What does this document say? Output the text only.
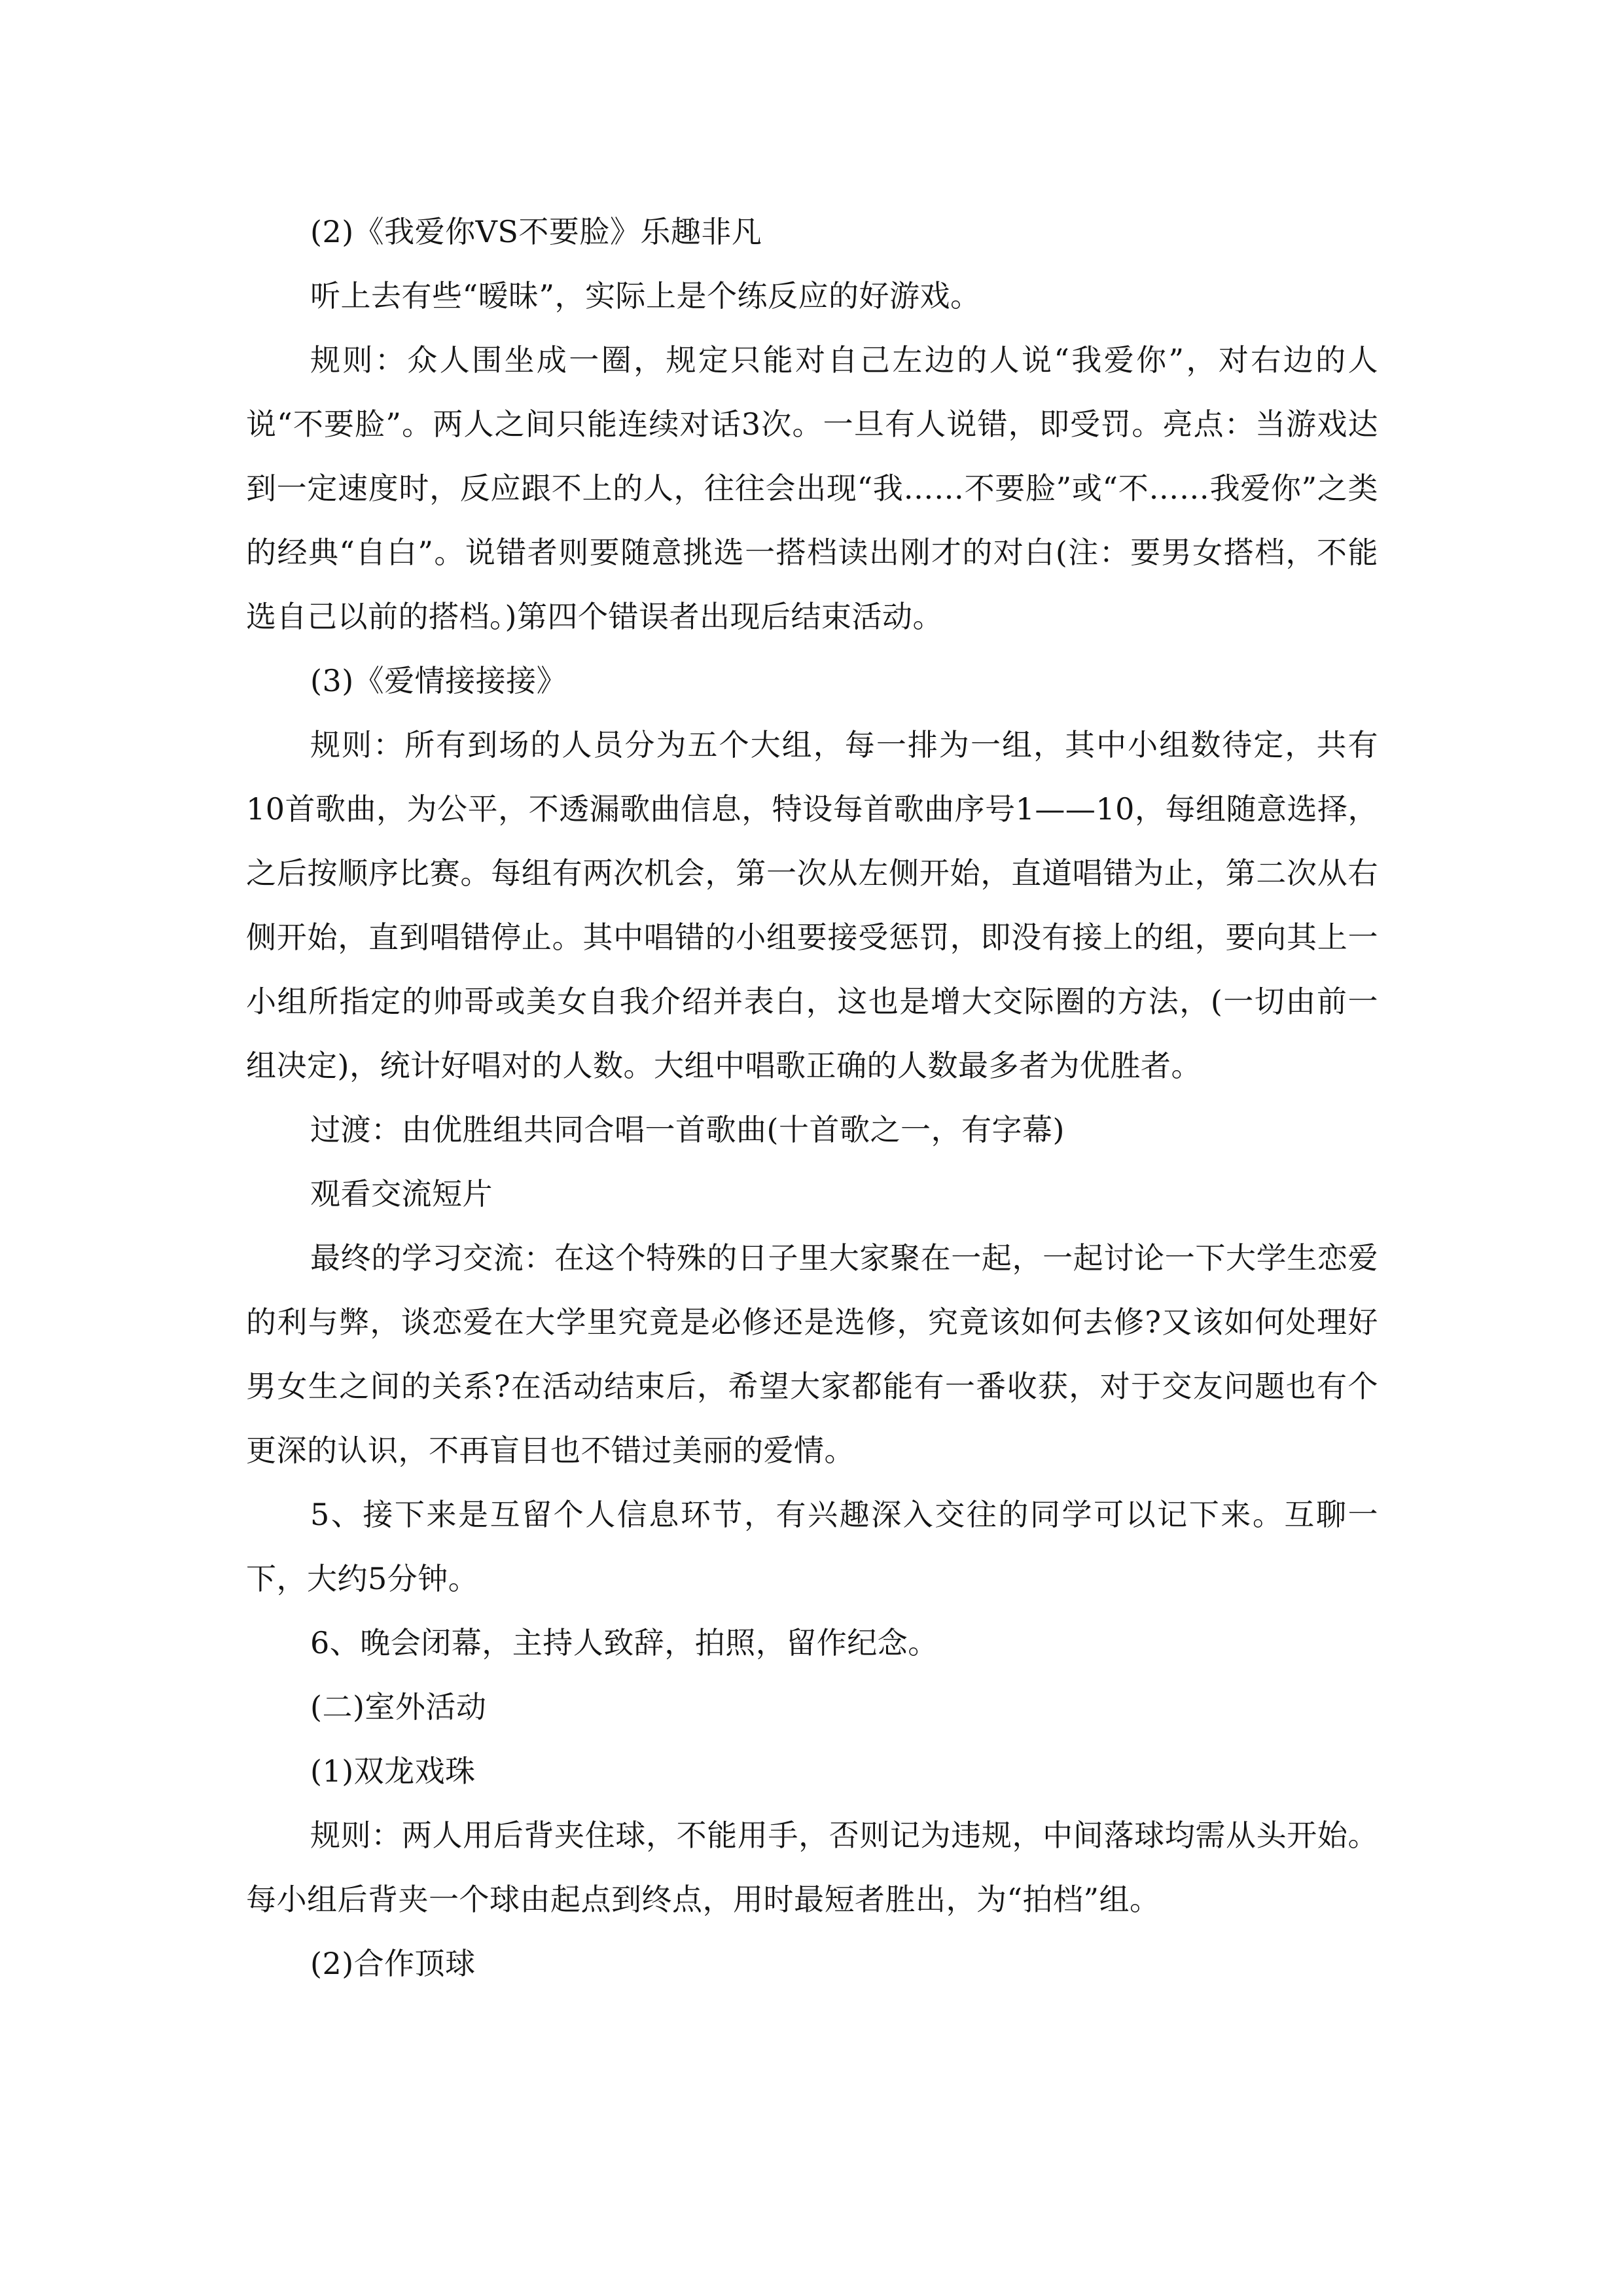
(2)《我爱你VS不要脸》乐趣非凡

听上去有些“暧昧”，实际上是个练反应的好游戏。

规则：众人围坐成一圈，规定只能对自己左边的人说“我爱你”，对右边的人说“不要脸”。两人之间只能连续对话3次。一旦有人说错，即受罚。亮点：当游戏达到一定速度时，反应跟不上的人，往往会出现“我……不要脸”或“不……我爱你”之类的经典“自白”。说错者则要随意挑选一搭档读出刚才的对白(注：要男女搭档，不能选自己以前的搭档。)第四个错误者出现后结束活动。

(3)《爱情接接接》

规则：所有到场的人员分为五个大组，每一排为一组，其中小组数待定，共有10首歌曲，为公平，不透漏歌曲信息，特设每首歌曲序号1——10，每组随意选择，之后按顺序比赛。每组有两次机会，第一次从左侧开始，直道唱错为止，第二次从右侧开始，直到唱错停止。其中唱错的小组要接受惩罚，即没有接上的组，要向其上一小组所指定的帅哥或美女自我介绍并表白，这也是增大交际圈的方法，(一切由前一组决定)，统计好唱对的人数。大组中唱歌正确的人数最多者为优胜者。

过渡：由优胜组共同合唱一首歌曲(十首歌之一，有字幕)

观看交流短片

最终的学习交流：在这个特殊的日子里大家聚在一起，一起讨论一下大学生恋爱的利与弊，谈恋爱在大学里究竟是必修还是选修，究竟该如何去修?又该如何处理好男女生之间的关系?在活动结束后，希望大家都能有一番收获，对于交友问题也有个更深的认识，不再盲目也不错过美丽的爱情。

5、接下来是互留个人信息环节，有兴趣深入交往的同学可以记下来。互聊一下，大约5分钟。

6、晚会闭幕，主持人致辞，拍照，留作纪念。

(二)室外活动

(1)双龙戏珠

规则：两人用后背夹住球，不能用手，否则记为违规，中间落球均需从头开始。每小组后背夹一个球由起点到终点，用时最短者胜出，为“拍档”组。

(2)合作顶球
